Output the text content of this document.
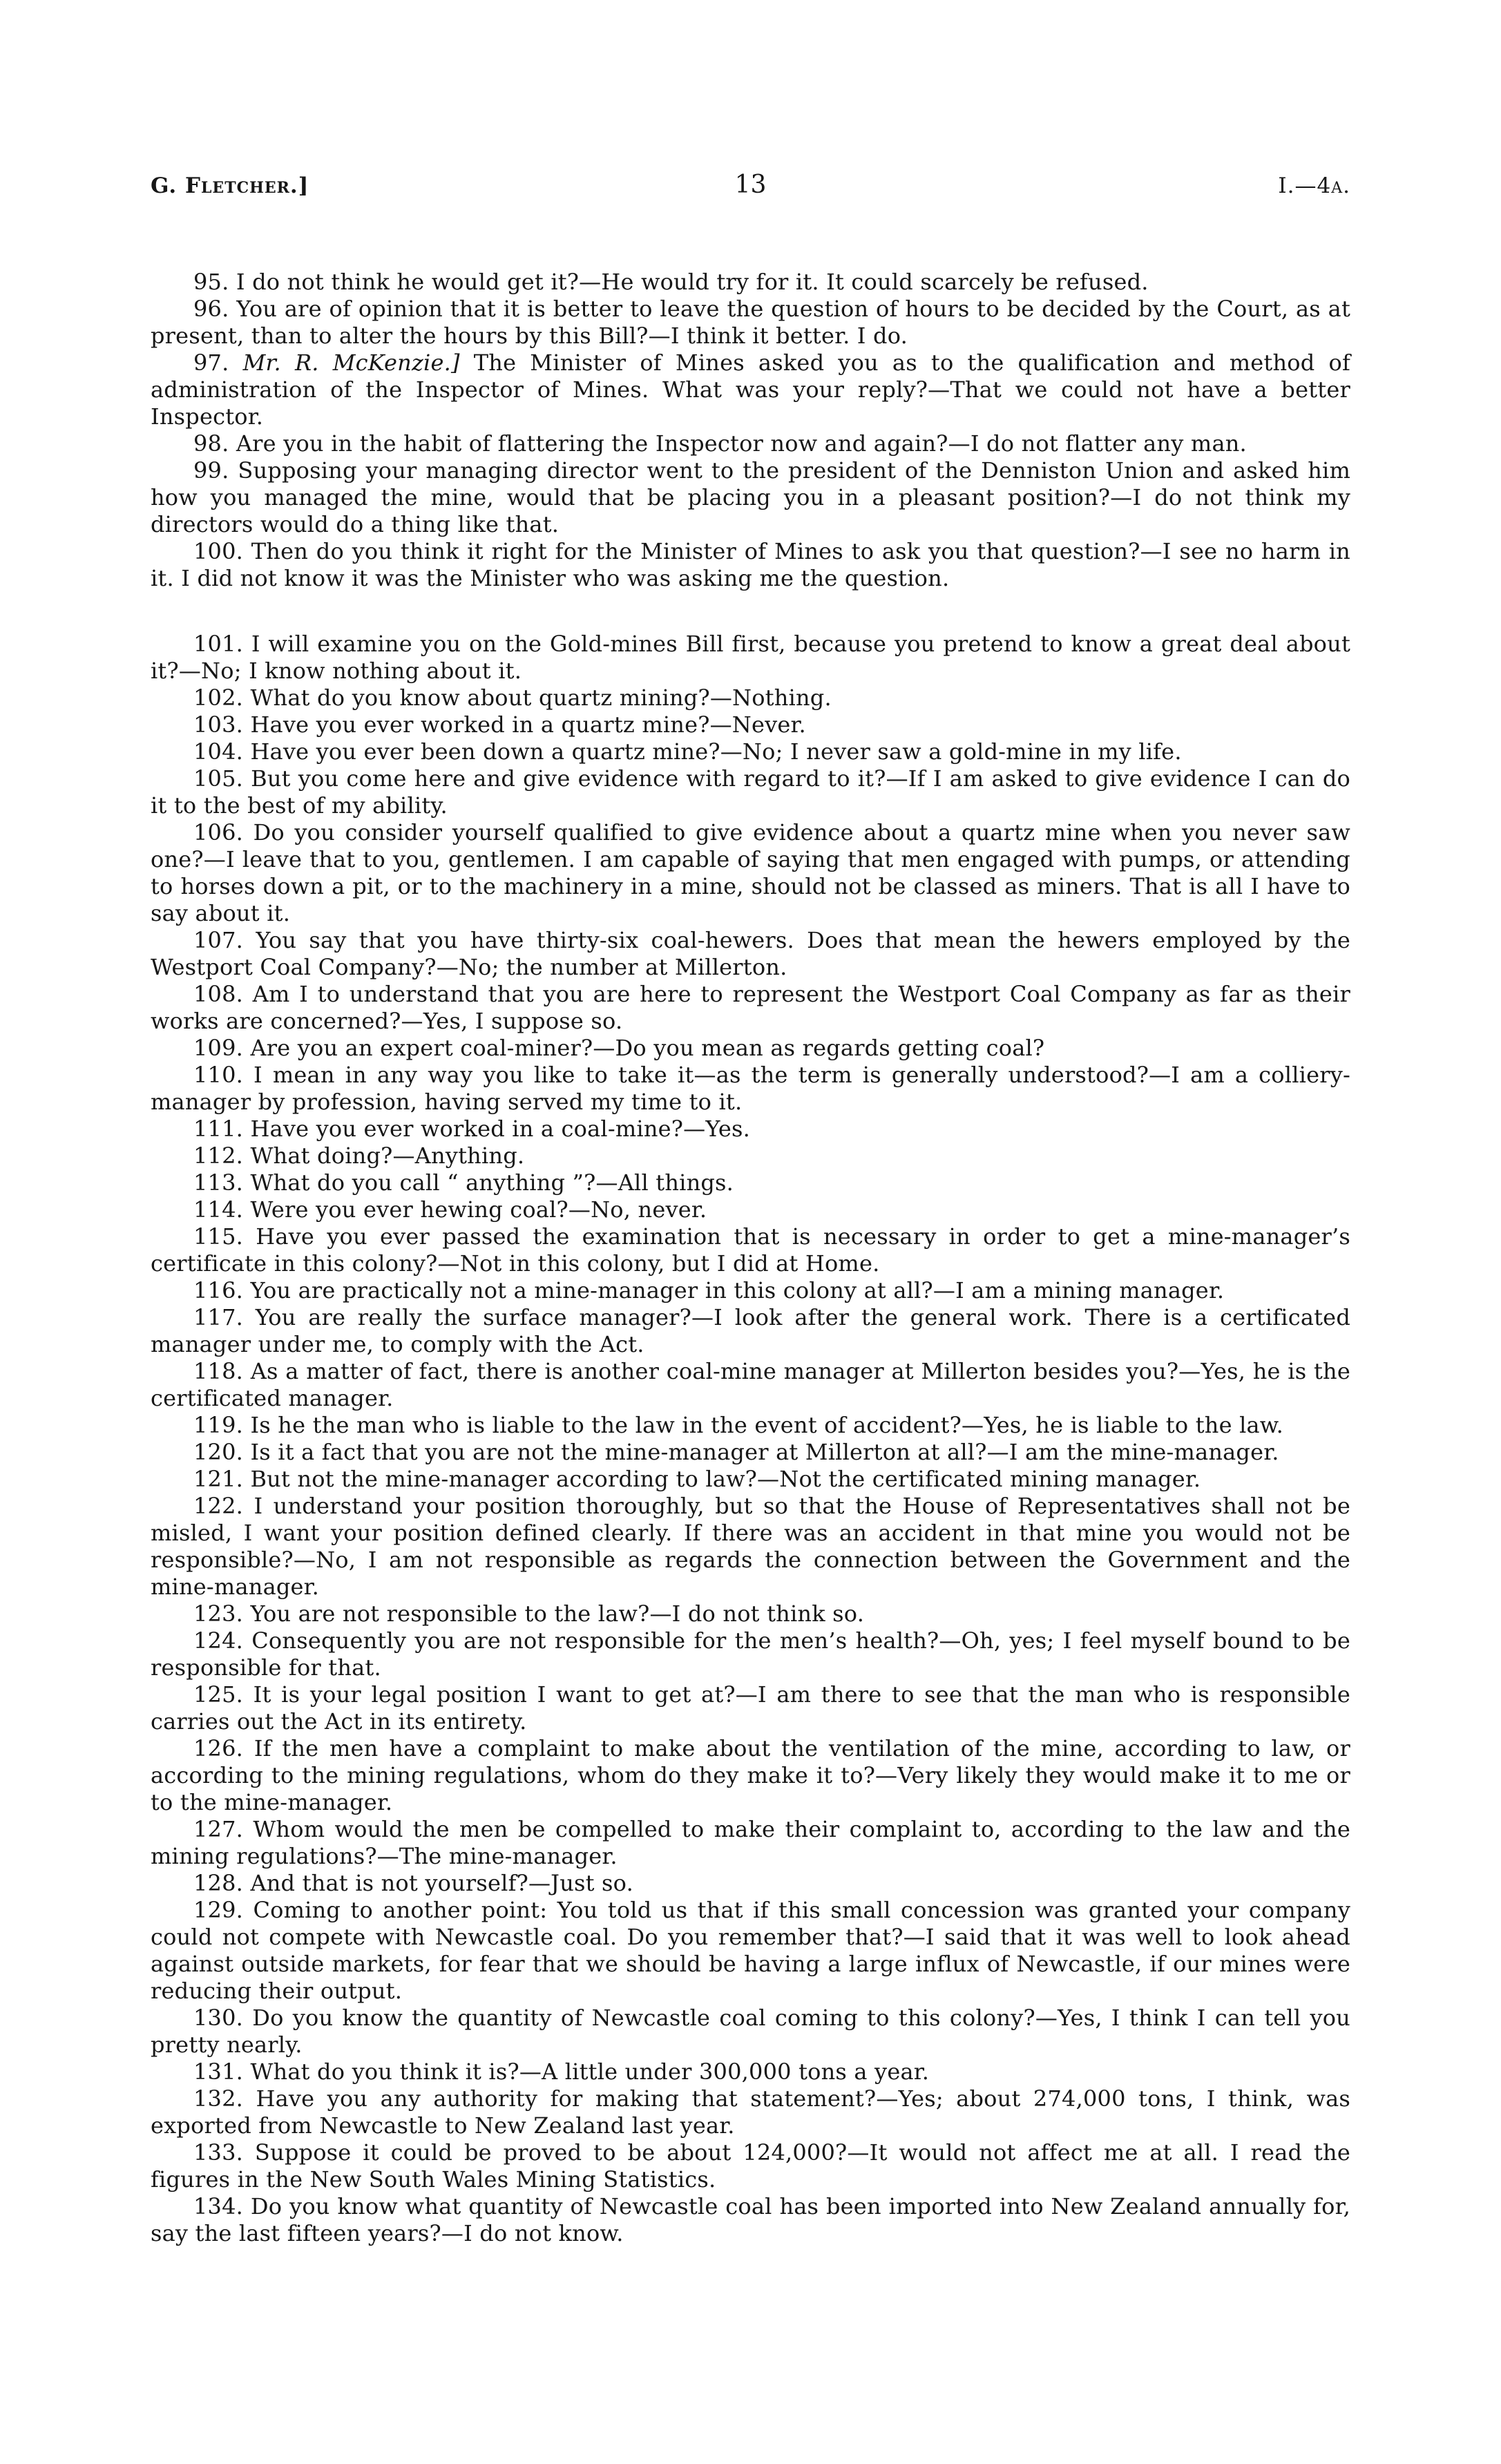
G. Fletcher.]	13	I.—4a.

95. I do not think he would get it?—He would try for it. It could scarcely be refused.

96. You are of opinion that it is better to leave the question of hours to be decided by the Court, as at present, than to alter the hours by this Bill?—I think it better. I do.

97. Mr. R. McKenzie.] The Minister of Mines asked you as to the qualification and method of administration of the Inspector of Mines. What was your reply?—That we could not have a better Inspector.

98. Are you in the habit of flattering the Inspector now and again?—I do not flatter any man.

99. Supposing your managing director went to the president of the Denniston Union and asked him how you managed the mine, would that be placing you in a pleasant position?—I do not think my directors would do a thing like that.

100. Then do you think it right for the Minister of Mines to ask you that question?—I see no harm in it. I did not know it was the Minister who was asking me the question.

101. I will examine you on the Gold-mines Bill first, because you pretend to know a great deal about it?—No; I know nothing about it.

102. What do you know about quartz mining?—Nothing.

103. Have you ever worked in a quartz mine?—Never.

104. Have you ever been down a quartz mine?—No; I never saw a gold-mine in my life.

105. But you come here and give evidence with regard to it?—If I am asked to give evidence I can do it to the best of my ability.

106. Do you consider yourself qualified to give evidence about a quartz mine when you never saw one?—I leave that to you, gentlemen. I am capable of saying that men engaged with pumps, or attending to horses down a pit, or to the machinery in a mine, should not be classed as miners. That is all I have to say about it.

107. You say that you have thirty-six coal-hewers. Does that mean the hewers employed by the Westport Coal Company?—No; the number at Millerton.

108. Am I to understand that you are here to represent the Westport Coal Company as far as their works are concerned?—Yes, I suppose so.

109. Are you an expert coal-miner?—Do you mean as regards getting coal?

110. I mean in any way you like to take it—as the term is generally understood?—I am a colliery-manager by profession, having served my time to it.

111. Have you ever worked in a coal-mine?—Yes.

112. What doing?—Anything.

113. What do you call “ anything ”?—All things.

114. Were you ever hewing coal?—No, never.

115. Have you ever passed the examination that is necessary in order to get a mine-manager’s certificate in this colony?—Not in this colony, but I did at Home.

116. You are practically not a mine-manager in this colony at all?—I am a mining manager.

117. You are really the surface manager?—I look after the general work. There is a certificated manager under me, to comply with the Act.

118. As a matter of fact, there is another coal-mine manager at Millerton besides you?—Yes, he is the certificated manager.

119. Is he the man who is liable to the law in the event of accident?—Yes, he is liable to the law.

120. Is it a fact that you are not the mine-manager at Millerton at all?—I am the mine-manager.

121. But not the mine-manager according to law?—Not the certificated mining manager.

122. I understand your position thoroughly, but so that the House of Representatives shall not be misled, I want your position defined clearly. If there was an accident in that mine you would not be responsible?—No, I am not responsible as regards the connection between the Government and the mine-manager.

123. You are not responsible to the law?—I do not think so.

124. Consequently you are not responsible for the men’s health?—Oh, yes; I feel myself bound to be responsible for that.

125. It is your legal position I want to get at?—I am there to see that the man who is responsible carries out the Act in its entirety.

126. If the men have a complaint to make about the ventilation of the mine, according to law, or according to the mining regulations, whom do they make it to?—Very likely they would make it to me or to the mine-manager.

127. Whom would the men be compelled to make their complaint to, according to the law and the mining regulations?—The mine-manager.

128. And that is not yourself?—Just so.

129. Coming to another point: You told us that if this small concession was granted your company could not compete with Newcastle coal. Do you remember that?—I said that it was well to look ahead against outside markets, for fear that we should be having a large influx of Newcastle, if our mines were reducing their output.

130. Do you know the quantity of Newcastle coal coming to this colony?—Yes, I think I can tell you pretty nearly.

131. What do you think it is?—A little under 300,000 tons a year.

132. Have you any authority for making that statement?—Yes; about 274,000 tons, I think, was exported from Newcastle to New Zealand last year.

133. Suppose it could be proved to be about 124,000?—It would not affect me at all. I read the figures in the New South Wales Mining Statistics.

134. Do you know what quantity of Newcastle coal has been imported into New Zealand annually for, say the last fifteen years?—I do not know.
